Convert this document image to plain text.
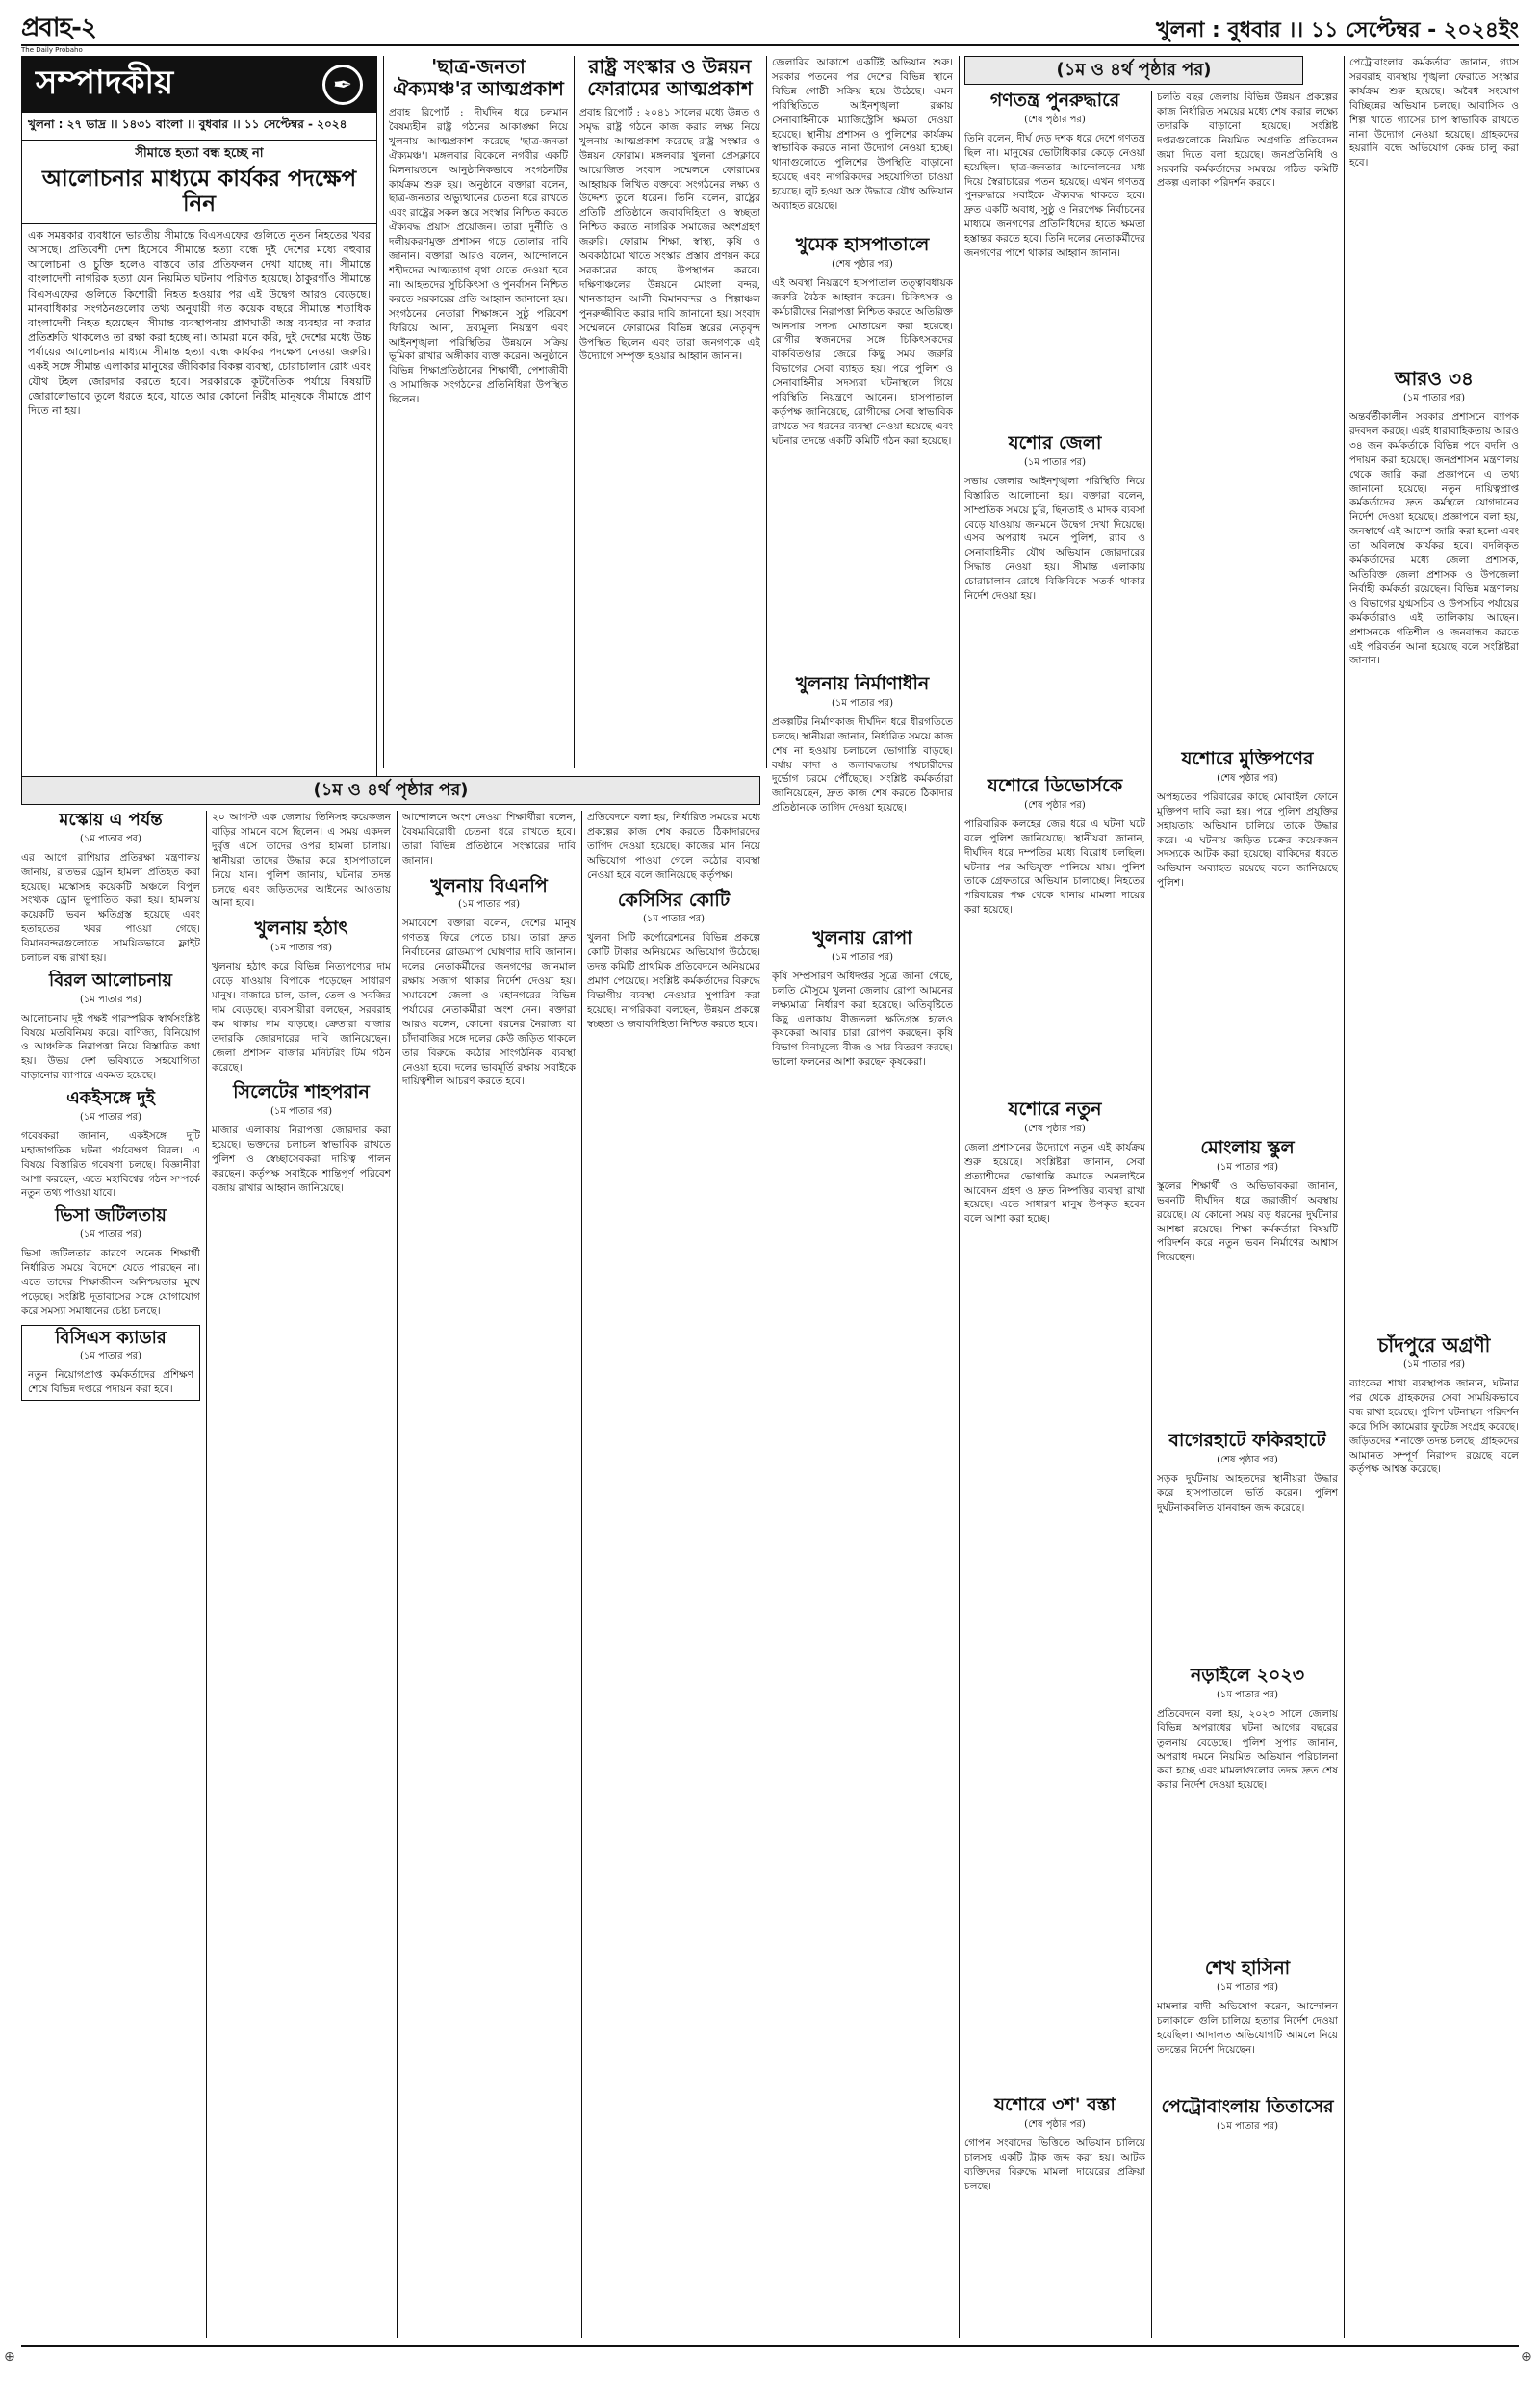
প্রবাহ-২
The Daily Probaho
খুলনা : বুধবার ।। ১১ সেপ্টেম্বর - ২০২৪ইং
সম্পাদকীয়	✒
খুলনা : ২৭ ভাদ্র ।। ১৪৩১ বাংলা ।। বুধবার ।। ১১ সেপ্টেম্বর - ২০২৪
সীমান্তে হত্যা বন্ধ হচ্ছে না
আলোচনার মাধ্যমে কার্যকর পদক্ষেপ নিন
এক সময়কার ব্যবধানে ভারতীয় সীমান্তে বিএসএফের গুলিতে নুতন নিহতের খবর আসছে। প্রতিবেশী দেশ হিসেবে সীমান্তে হত্যা বন্ধে দুই দেশের মধ্যে বহুবার আলোচনা ও চুক্তি হলেও বাস্তবে তার প্রতিফলন দেখা যাচ্ছে না। সীমান্তে বাংলাদেশী নাগরিক হত্যা যেন নিয়মিত ঘটনায় পরিণত হয়েছে। ঠাকুরগাঁও সীমান্তে বিএসএফের গুলিতে কিশোরী নিহত হওয়ার পর এই উদ্বেগ আরও বেড়েছে। মানবাধিকার সংগঠনগুলোর তথ্য অনুযায়ী গত কয়েক বছরে সীমান্তে শতাধিক বাংলাদেশী নিহত হয়েছেন। সীমান্ত ব্যবস্থাপনায় প্রাণঘাতী অস্ত্র ব্যবহার না করার প্রতিশ্রুতি থাকলেও তা রক্ষা করা হচ্ছে না। আমরা মনে করি, দুই দেশের মধ্যে উচ্চ পর্যায়ের আলোচনার মাধ্যমে সীমান্ত হত্যা বন্ধে কার্যকর পদক্ষেপ নেওয়া জরুরি। একই সঙ্গে সীমান্ত এলাকার মানুষের জীবিকার বিকল্প ব্যবস্থা, চোরাচালান রোধ এবং যৌথ টহল জোরদার করতে হবে। সরকারকে কূটনৈতিক পর্যায়ে বিষয়টি জোরালোভাবে তুলে ধরতে হবে, যাতে আর কোনো নিরীহ মানুষকে সীমান্তে প্রাণ দিতে না হয়।
'ছাত্র-জনতা ঐক্যমঞ্চ'র আত্মপ্রকাশ
প্রবাহ রিপোর্ট : দীর্ঘদিন ধরে চলমান বৈষম্যহীন রাষ্ট্র গঠনের আকাঙ্ক্ষা নিয়ে খুলনায় আত্মপ্রকাশ করেছে 'ছাত্র-জনতা ঐক্যমঞ্চ'। মঙ্গলবার বিকেলে নগরীর একটি মিলনায়তনে আনুষ্ঠানিকভাবে সংগঠনটির কার্যক্রম শুরু হয়। অনুষ্ঠানে বক্তারা বলেন, ছাত্র-জনতার অভ্যুত্থানের চেতনা ধরে রাখতে এবং রাষ্ট্রের সকল স্তরে সংস্কার নিশ্চিত করতে ঐক্যবদ্ধ প্রয়াস প্রয়োজন। তারা দুর্নীতি ও দলীয়করণমুক্ত প্রশাসন গড়ে তোলার দাবি জানান। বক্তারা আরও বলেন, আন্দোলনে শহীদদের আত্মত্যাগ বৃথা যেতে দেওয়া হবে না। আহতদের সুচিকিৎসা ও পুনর্বাসন নিশ্চিত করতে সরকারের প্রতি আহ্বান জানানো হয়। সংগঠনের নেতারা শিক্ষাঙ্গনে সুষ্ঠু পরিবেশ ফিরিয়ে আনা, দ্রব্যমূল্য নিয়ন্ত্রণ এবং আইনশৃঙ্খলা পরিস্থিতির উন্নয়নে সক্রিয় ভূমিকা রাখার অঙ্গীকার ব্যক্ত করেন। অনুষ্ঠানে বিভিন্ন শিক্ষাপ্রতিষ্ঠানের শিক্ষার্থী, পেশাজীবী ও সামাজিক সংগঠনের প্রতিনিধিরা উপস্থিত ছিলেন।
রাষ্ট্র সংস্কার ও উন্নয়ন ফোরামের আত্মপ্রকাশ
প্রবাহ রিপোর্ট : ২০৪১ সালের মধ্যে উন্নত ও সমৃদ্ধ রাষ্ট্র গঠনে কাজ করার লক্ষ্য নিয়ে খুলনায় আত্মপ্রকাশ করেছে রাষ্ট্র সংস্কার ও উন্নয়ন ফোরাম। মঙ্গলবার খুলনা প্রেসক্লাবে আয়োজিত সংবাদ সম্মেলনে ফোরামের আহ্বায়ক লিখিত বক্তব্যে সংগঠনের লক্ষ্য ও উদ্দেশ্য তুলে ধরেন। তিনি বলেন, রাষ্ট্রের প্রতিটি প্রতিষ্ঠানে জবাবদিহিতা ও স্বচ্ছতা নিশ্চিত করতে নাগরিক সমাজের অংশগ্রহণ জরুরি। ফোরাম শিক্ষা, স্বাস্থ্য, কৃষি ও অবকাঠামো খাতে সংস্কার প্রস্তাব প্রণয়ন করে সরকারের কাছে উপস্থাপন করবে। দক্ষিণাঞ্চলের উন্নয়নে মোংলা বন্দর, খানজাহান আলী বিমানবন্দর ও শিল্পাঞ্চল পুনরুজ্জীবিত করার দাবি জানানো হয়। সংবাদ সম্মেলনে ফোরামের বিভিন্ন স্তরের নেতৃবৃন্দ উপস্থিত ছিলেন এবং তারা জনগণকে এই উদ্যোগে সম্পৃক্ত হওয়ার আহ্বান জানান।
জেলারির আকাশে একটিই অভিযান শুরু। সরকার পতনের পর দেশের বিভিন্ন স্থানে বিভিন্ন গোষ্ঠী সক্রিয় হয়ে উঠেছে। এমন পরিস্থিতিতে আইনশৃঙ্খলা রক্ষায় সেনাবাহিনীকে ম্যাজিস্ট্রেসি ক্ষমতা দেওয়া হয়েছে। স্থানীয় প্রশাসন ও পুলিশের কার্যক্রম স্বাভাবিক করতে নানা উদ্যোগ নেওয়া হচ্ছে। থানাগুলোতে পুলিশের উপস্থিতি বাড়ানো হয়েছে এবং নাগরিকদের সহযোগিতা চাওয়া হয়েছে। লুট হওয়া অস্ত্র উদ্ধারে যৌথ অভিযান অব্যাহত রয়েছে।
খুমেক হাসপাতালে
(শেষ পৃষ্ঠার পর)
এই অবস্থা নিয়ন্ত্রণে হাসপাতাল তত্ত্বাবধায়ক জরুরি বৈঠক আহ্বান করেন। চিকিৎসক ও কর্মচারীদের নিরাপত্তা নিশ্চিত করতে অতিরিক্ত আনসার সদস্য মোতায়েন করা হয়েছে। রোগীর স্বজনদের সঙ্গে চিকিৎসকদের বাকবিতণ্ডার জেরে কিছু সময় জরুরি বিভাগের সেবা ব্যাহত হয়। পরে পুলিশ ও সেনাবাহিনীর সদস্যরা ঘটনাস্থলে গিয়ে পরিস্থিতি নিয়ন্ত্রণে আনেন। হাসপাতাল কর্তৃপক্ষ জানিয়েছে, রোগীদের সেবা স্বাভাবিক রাখতে সব ধরনের ব্যবস্থা নেওয়া হয়েছে এবং ঘটনার তদন্তে একটি কমিটি গঠন করা হয়েছে।
খুলনায় নির্মাণাধীন
(১ম পাতার পর)
প্রকল্পটির নির্মাণকাজ দীর্ঘদিন ধরে ধীরগতিতে চলছে। স্থানীয়রা জানান, নির্ধারিত সময়ে কাজ শেষ না হওয়ায় চলাচলে ভোগান্তি বাড়ছে। বর্ষায় কাদা ও জলাবদ্ধতায় পথচারীদের দুর্ভোগ চরমে পৌঁছেছে। সংশ্লিষ্ট কর্মকর্তারা জানিয়েছেন, দ্রুত কাজ শেষ করতে ঠিকাদার প্রতিষ্ঠানকে তাগিদ দেওয়া হয়েছে।
খুলনায় রোপা
(১ম পাতার পর)
কৃষি সম্প্রসারণ অধিদপ্তর সূত্রে জানা গেছে, চলতি মৌসুমে খুলনা জেলায় রোপা আমনের লক্ষ্যমাত্রা নির্ধারণ করা হয়েছে। অতিবৃষ্টিতে কিছু এলাকায় বীজতলা ক্ষতিগ্রস্ত হলেও কৃষকেরা আবার চারা রোপণ করছেন। কৃষি বিভাগ বিনামূল্যে বীজ ও সার বিতরণ করছে। ভালো ফলনের আশা করছেন কৃষকেরা।
(১ম ও ৪র্থ পৃষ্ঠার পর)
গণতন্ত্র পুনরুদ্ধারে
(শেষ পৃষ্ঠার পর)
তিনি বলেন, দীর্ঘ দেড় দশক ধরে দেশে গণতন্ত্র ছিল না। মানুষের ভোটাধিকার কেড়ে নেওয়া হয়েছিল। ছাত্র-জনতার আন্দোলনের মধ্য দিয়ে স্বৈরাচারের পতন হয়েছে। এখন গণতন্ত্র পুনরুদ্ধারে সবাইকে ঐক্যবদ্ধ থাকতে হবে। দ্রুত একটি অবাধ, সুষ্ঠু ও নিরপেক্ষ নির্বাচনের মাধ্যমে জনগণের প্রতিনিধিদের হাতে ক্ষমতা হস্তান্তর করতে হবে। তিনি দলের নেতাকর্মীদের জনগণের পাশে থাকার আহ্বান জানান।
যশোর জেলা
(১ম পাতার পর)
সভায় জেলার আইনশৃঙ্খলা পরিস্থিতি নিয়ে বিস্তারিত আলোচনা হয়। বক্তারা বলেন, সাম্প্রতিক সময়ে চুরি, ছিনতাই ও মাদক ব্যবসা বেড়ে যাওয়ায় জনমনে উদ্বেগ দেখা দিয়েছে। এসব অপরাধ দমনে পুলিশ, র‍্যাব ও সেনাবাহিনীর যৌথ অভিযান জোরদারের সিদ্ধান্ত নেওয়া হয়। সীমান্ত এলাকায় চোরাচালান রোধে বিজিবিকে সতর্ক থাকার নির্দেশ দেওয়া হয়।
যশোরে ডিভোর্সকে
(শেষ পৃষ্ঠার পর)
পারিবারিক কলহের জের ধরে এ ঘটনা ঘটে বলে পুলিশ জানিয়েছে। স্থানীয়রা জানান, দীর্ঘদিন ধরে দম্পতির মধ্যে বিরোধ চলছিল। ঘটনার পর অভিযুক্ত পালিয়ে যায়। পুলিশ তাকে গ্রেফতারে অভিযান চালাচ্ছে। নিহতের পরিবারের পক্ষ থেকে থানায় মামলা দায়ের করা হয়েছে।
যশোরে নতুন
(শেষ পৃষ্ঠার পর)
জেলা প্রশাসনের উদ্যোগে নতুন এই কার্যক্রম শুরু হয়েছে। সংশ্লিষ্টরা জানান, সেবা প্রত্যাশীদের ভোগান্তি কমাতে অনলাইনে আবেদন গ্রহণ ও দ্রুত নিষ্পত্তির ব্যবস্থা রাখা হয়েছে। এতে সাধারণ মানুষ উপকৃত হবেন বলে আশা করা হচ্ছে।
যশোরে ৩শ' বস্তা
(শেষ পৃষ্ঠার পর)
গোপন সংবাদের ভিত্তিতে অভিযান চালিয়ে চালসহ একটি ট্রাক জব্দ করা হয়। আটক ব্যক্তিদের বিরুদ্ধে মামলা দায়েরের প্রক্রিয়া চলছে।
চলতি বছর জেলায় বিভিন্ন উন্নয়ন প্রকল্পের কাজ নির্ধারিত সময়ের মধ্যে শেষ করার লক্ষ্যে তদারকি বাড়ানো হয়েছে। সংশ্লিষ্ট দপ্তরগুলোকে নিয়মিত অগ্রগতি প্রতিবেদন জমা দিতে বলা হয়েছে। জনপ্রতিনিধি ও সরকারি কর্মকর্তাদের সমন্বয়ে গঠিত কমিটি প্রকল্প এলাকা পরিদর্শন করবে।
যশোরে মুক্তিপণের
(শেষ পৃষ্ঠার পর)
অপহৃতের পরিবারের কাছে মোবাইল ফোনে মুক্তিপণ দাবি করা হয়। পরে পুলিশ প্রযুক্তির সহায়তায় অভিযান চালিয়ে তাকে উদ্ধার করে। এ ঘটনায় জড়িত চক্রের কয়েকজন সদস্যকে আটক করা হয়েছে। বাকিদের ধরতে অভিযান অব্যাহত রয়েছে বলে জানিয়েছে পুলিশ।
মোংলায় স্কুল
(১ম পাতার পর)
স্কুলের শিক্ষার্থী ও অভিভাবকরা জানান, ভবনটি দীর্ঘদিন ধরে জরাজীর্ণ অবস্থায় রয়েছে। যে কোনো সময় বড় ধরনের দুর্ঘটনার আশঙ্কা রয়েছে। শিক্ষা কর্মকর্তারা বিষয়টি পরিদর্শন করে নতুন ভবন নির্মাণের আশ্বাস দিয়েছেন।
বাগেরহাটে ফকিরহাটে
(শেষ পৃষ্ঠার পর)
সড়ক দুর্ঘটনায় আহতদের স্থানীয়রা উদ্ধার করে হাসপাতালে ভর্তি করেন। পুলিশ দুর্ঘটনাকবলিত যানবাহন জব্দ করেছে।
নড়াইলে ২০২৩
(১ম পাতার পর)
প্রতিবেদনে বলা হয়, ২০২৩ সালে জেলায় বিভিন্ন অপরাধের ঘটনা আগের বছরের তুলনায় বেড়েছে। পুলিশ সুপার জানান, অপরাধ দমনে নিয়মিত অভিযান পরিচালনা করা হচ্ছে এবং মামলাগুলোর তদন্ত দ্রুত শেষ করার নির্দেশ দেওয়া হয়েছে।
শেখ হাসিনা
(১ম পাতার পর)
মামলার বাদী অভিযোগ করেন, আন্দোলন চলাকালে গুলি চালিয়ে হত্যার নির্দেশ দেওয়া হয়েছিল। আদালত অভিযোগটি আমলে নিয়ে তদন্তের নির্দেশ দিয়েছেন।
পেট্রোবাংলায় তিতাসের
(১ম পাতার পর)
পেট্রোবাংলার কর্মকর্তারা জানান, গ্যাস সরবরাহ ব্যবস্থায় শৃঙ্খলা ফেরাতে সংস্কার কার্যক্রম শুরু হয়েছে। অবৈধ সংযোগ বিচ্ছিন্নের অভিযান চলছে। আবাসিক ও শিল্প খাতে গ্যাসের চাপ স্বাভাবিক রাখতে নানা উদ্যোগ নেওয়া হয়েছে। গ্রাহকদের হয়রানি বন্ধে অভিযোগ কেন্দ্র চালু করা হবে।
আরও ৩৪
(১ম পাতার পর)
অন্তর্বর্তীকালীন সরকার প্রশাসনে ব্যাপক রদবদল করছে। এরই ধারাবাহিকতায় আরও ৩৪ জন কর্মকর্তাকে বিভিন্ন পদে বদলি ও পদায়ন করা হয়েছে। জনপ্রশাসন মন্ত্রণালয় থেকে জারি করা প্রজ্ঞাপনে এ তথ্য জানানো হয়েছে। নতুন দায়িত্বপ্রাপ্ত কর্মকর্তাদের দ্রুত কর্মস্থলে যোগদানের নির্দেশ দেওয়া হয়েছে। প্রজ্ঞাপনে বলা হয়, জনস্বার্থে এই আদেশ জারি করা হলো এবং তা অবিলম্বে কার্যকর হবে। বদলিকৃত কর্মকর্তাদের মধ্যে জেলা প্রশাসক, অতিরিক্ত জেলা প্রশাসক ও উপজেলা নির্বাহী কর্মকর্তা রয়েছেন। বিভিন্ন মন্ত্রণালয় ও বিভাগের যুগ্মসচিব ও উপসচিব পর্যায়ের কর্মকর্তারাও এই তালিকায় আছেন। প্রশাসনকে গতিশীল ও জনবান্ধব করতে এই পরিবর্তন আনা হয়েছে বলে সংশ্লিষ্টরা জানান।
চাঁদপুরে অগ্রণী
(১ম পাতার পর)
ব্যাংকের শাখা ব্যবস্থাপক জানান, ঘটনার পর থেকে গ্রাহকদের সেবা সাময়িকভাবে বন্ধ রাখা হয়েছে। পুলিশ ঘটনাস্থল পরিদর্শন করে সিসি ক্যামেরার ফুটেজ সংগ্রহ করেছে। জড়িতদের শনাক্তে তদন্ত চলছে। গ্রাহকদের আমানত সম্পূর্ণ নিরাপদ রয়েছে বলে কর্তৃপক্ষ আশ্বস্ত করেছে।
(১ম ও ৪র্থ পৃষ্ঠার পর)
মস্কোয় এ পর্যন্ত
(১ম পাতার পর)
এর আগে রাশিয়ার প্রতিরক্ষা মন্ত্রণালয় জানায়, রাতভর ড্রোন হামলা প্রতিহত করা হয়েছে। মস্কোসহ কয়েকটি অঞ্চলে বিপুল সংখ্যক ড্রোন ভূপাতিত করা হয়। হামলায় কয়েকটি ভবন ক্ষতিগ্রস্ত হয়েছে এবং হতাহতের খবর পাওয়া গেছে। বিমানবন্দরগুলোতে সাময়িকভাবে ফ্লাইট চলাচল বন্ধ রাখা হয়।
বিরল আলোচনায়
(১ম পাতার পর)
আলোচনায় দুই পক্ষই পারস্পরিক স্বার্থসংশ্লিষ্ট বিষয়ে মতবিনিময় করে। বাণিজ্য, বিনিয়োগ ও আঞ্চলিক নিরাপত্তা নিয়ে বিস্তারিত কথা হয়। উভয় দেশ ভবিষ্যতে সহযোগিতা বাড়ানোর ব্যাপারে একমত হয়েছে।
একইসঙ্গে দুই
(১ম পাতার পর)
গবেষকরা জানান, একইসঙ্গে দুটি মহাজাগতিক ঘটনা পর্যবেক্ষণ বিরল। এ বিষয়ে বিস্তারিত গবেষণা চলছে। বিজ্ঞানীরা আশা করছেন, এতে মহাবিশ্বের গঠন সম্পর্কে নতুন তথ্য পাওয়া যাবে।
ভিসা জটিলতায়
(১ম পাতার পর)
ভিসা জটিলতার কারণে অনেক শিক্ষার্থী নির্ধারিত সময়ে বিদেশে যেতে পারছেন না। এতে তাদের শিক্ষাজীবন অনিশ্চয়তার মুখে পড়েছে। সংশ্লিষ্ট দূতাবাসের সঙ্গে যোগাযোগ করে সমস্যা সমাধানের চেষ্টা চলছে।
বিসিএস ক্যাডার
(১ম পাতার পর)
নতুন নিয়োগপ্রাপ্ত কর্মকর্তাদের প্রশিক্ষণ শেষে বিভিন্ন দপ্তরে পদায়ন করা হবে।
২০ আগস্ট এক জেলায় তিনিসহ কয়েকজন বাড়ির সামনে বসে ছিলেন। এ সময় একদল দুর্বৃত্ত এসে তাদের ওপর হামলা চালায়। স্থানীয়রা তাদের উদ্ধার করে হাসপাতালে নিয়ে যান। পুলিশ জানায়, ঘটনার তদন্ত চলছে এবং জড়িতদের আইনের আওতায় আনা হবে।
খুলনায় হঠাৎ
(১ম পাতার পর)
খুলনায় হঠাৎ করে বিভিন্ন নিত্যপণ্যের দাম বেড়ে যাওয়ায় বিপাকে পড়েছেন সাধারণ মানুষ। বাজারে চাল, ডাল, তেল ও সবজির দাম বেড়েছে। ব্যবসায়ীরা বলছেন, সরবরাহ কম থাকায় দাম বাড়ছে। ক্রেতারা বাজার তদারকি জোরদারের দাবি জানিয়েছেন। জেলা প্রশাসন বাজার মনিটরিং টিম গঠন করেছে।
সিলেটের শাহপরান
(১ম পাতার পর)
মাজার এলাকায় নিরাপত্তা জোরদার করা হয়েছে। ভক্তদের চলাচল স্বাভাবিক রাখতে পুলিশ ও স্বেচ্ছাসেবকরা দায়িত্ব পালন করছেন। কর্তৃপক্ষ সবাইকে শান্তিপূর্ণ পরিবেশ বজায় রাখার আহ্বান জানিয়েছে।
আন্দোলনে অংশ নেওয়া শিক্ষার্থীরা বলেন, বৈষম্যবিরোধী চেতনা ধরে রাখতে হবে। তারা বিভিন্ন প্রতিষ্ঠানে সংস্কারের দাবি জানান।
খুলনায় বিএনপি
(১ম পাতার পর)
সমাবেশে বক্তারা বলেন, দেশের মানুষ গণতন্ত্র ফিরে পেতে চায়। তারা দ্রুত নির্বাচনের রোডম্যাপ ঘোষণার দাবি জানান। দলের নেতাকর্মীদের জনগণের জানমাল রক্ষায় সজাগ থাকার নির্দেশ দেওয়া হয়। সমাবেশে জেলা ও মহানগরের বিভিন্ন পর্যায়ের নেতাকর্মীরা অংশ নেন। বক্তারা আরও বলেন, কোনো ধরনের নৈরাজ্য বা চাঁদাবাজির সঙ্গে দলের কেউ জড়িত থাকলে তার বিরুদ্ধে কঠোর সাংগঠনিক ব্যবস্থা নেওয়া হবে। দলের ভাবমূর্তি রক্ষায় সবাইকে দায়িত্বশীল আচরণ করতে হবে।
প্রতিবেদনে বলা হয়, নির্ধারিত সময়ের মধ্যে প্রকল্পের কাজ শেষ করতে ঠিকাদারদের তাগিদ দেওয়া হয়েছে। কাজের মান নিয়ে অভিযোগ পাওয়া গেলে কঠোর ব্যবস্থা নেওয়া হবে বলে জানিয়েছে কর্তৃপক্ষ।
কেসিসির কোটি
(১ম পাতার পর)
খুলনা সিটি কর্পোরেশনের বিভিন্ন প্রকল্পে কোটি টাকার অনিয়মের অভিযোগ উঠেছে। তদন্ত কমিটি প্রাথমিক প্রতিবেদনে অনিয়মের প্রমাণ পেয়েছে। সংশ্লিষ্ট কর্মকর্তাদের বিরুদ্ধে বিভাগীয় ব্যবস্থা নেওয়ার সুপারিশ করা হয়েছে। নাগরিকরা বলছেন, উন্নয়ন প্রকল্পে স্বচ্ছতা ও জবাবদিহিতা নিশ্চিত করতে হবে।
⊕	⊕
